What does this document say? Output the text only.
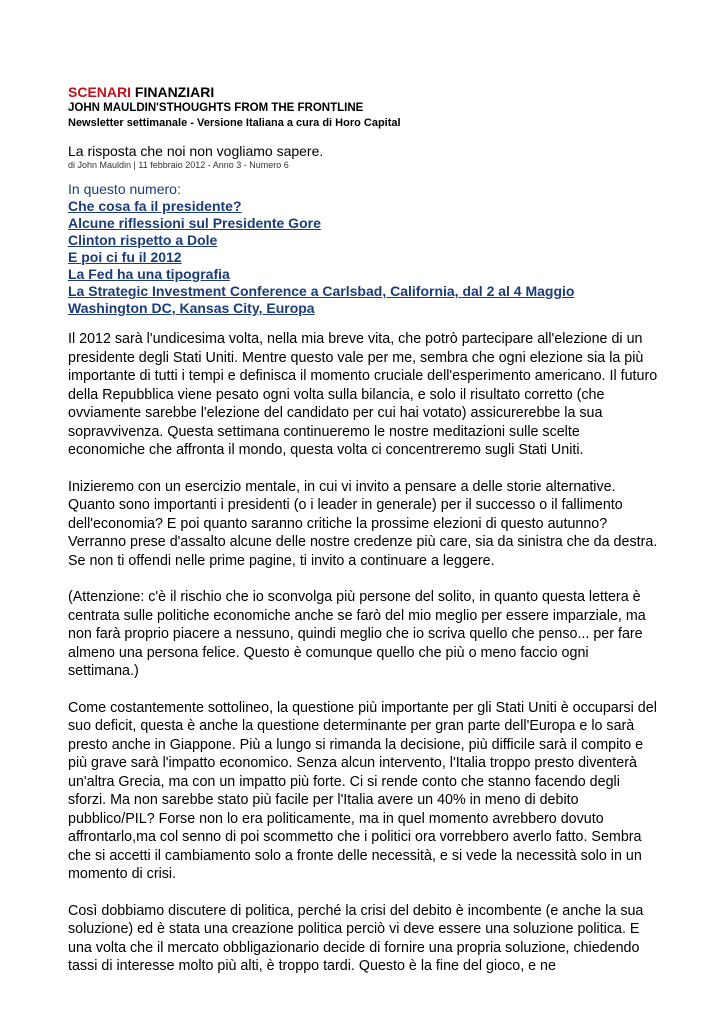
SCENARI FINANZIARI
JOHN MAULDIN'STHOUGHTS FROM THE FRONTLINE
Newsletter settimanale - Versione Italiana a cura di Horo Capital
La risposta che noi non vogliamo sapere.
di John Mauldin | 11 febbraio 2012 - Anno 3 - Numero 6
In questo numero:
Che cosa fa il presidente?
Alcune riflessioni sul Presidente Gore
Clinton rispetto a Dole
E poi ci fu il 2012
La Fed ha una tipografia
La Strategic Investment Conference a Carlsbad, California, dal 2 al 4 Maggio
Washington DC, Kansas City, Europa

Il 2012 sarà l'undicesima volta, nella mia breve vita, che potrò partecipare all'elezione di un presidente degli Stati Uniti. Mentre questo vale per me, sembra che ogni elezione sia la più importante di tutti i tempi e definisca il momento cruciale dell'esperimento americano. Il futuro della Repubblica viene pesato ogni volta sulla bilancia, e solo il risultato corretto (che ovviamente sarebbe l'elezione del candidato per cui hai votato) assicurerebbe la sua sopravvivenza. Questa settimana continueremo le nostre meditazioni sulle scelte economiche che affronta il mondo, questa volta ci concentreremo sugli Stati Uniti.

Inizieremo con un esercizio mentale, in cui vi invito a pensare a delle storie alternative. Quanto sono importanti i presidenti (o i leader in generale) per il successo o il fallimento dell'economia? E poi quanto saranno critiche la prossime elezioni di questo autunno? Verranno prese d'assalto alcune delle nostre credenze più care, sia da sinistra che da destra. Se non ti offendi nelle prime pagine, ti invito a continuare a leggere.

(Attenzione: c'è il rischio che io sconvolga più persone del solito, in quanto questa lettera è centrata sulle politiche economiche anche se farò del mio meglio per essere imparziale, ma non farà proprio piacere a nessuno, quindi meglio che io scriva quello che penso... per fare almeno una persona felice. Questo è comunque quello che più o meno faccio ogni settimana.)

Come costantemente sottolineo, la questione più importante per gli Stati Uniti è occuparsi del suo deficit, questa è anche la questione determinante per gran parte dell'Europa e lo sarà presto anche in Giappone. Più a lungo si rimanda la decisione, più difficile sarà il compito e più grave sarà l'impatto economico. Senza alcun intervento, l'Italia troppo presto diventerà un'altra Grecia, ma con un impatto più forte. Ci si rende conto che stanno facendo degli sforzi. Ma non sarebbe stato più facile per l'Italia avere un 40% in meno di debito pubblico/PIL? Forse non lo era politicamente, ma in quel momento avrebbero dovuto affrontarlo,ma col senno di poi scommetto che i politici ora vorrebbero averlo fatto. Sembra che si accetti il cambiamento solo a fronte delle necessità, e si vede la necessità solo in un momento di crisi.

Così dobbiamo discutere di politica, perché la crisi del debito è incombente (e anche la sua soluzione) ed è stata una creazione politica perciò vi deve essere una soluzione politica. E una volta che il mercato obbligazionario decide di fornire una propria soluzione, chiedendo tassi di interesse molto più alti, è troppo tardi. Questo è la fine del gioco, e ne
